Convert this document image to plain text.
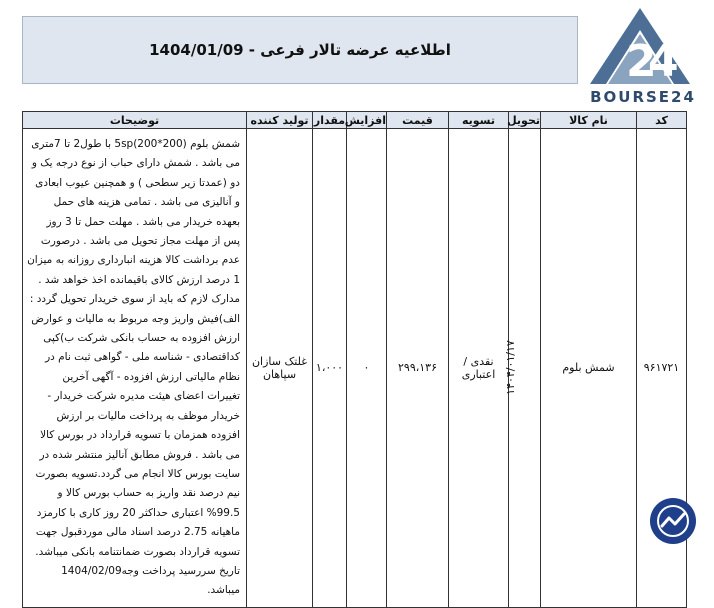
اطلاعیه عرضه تالار فرعی - 1404/01/09	2
4
BOURSE24
کد	نام کالا	تحویل	تسویه	قیمت	افزایش	مقدار	تولید کننده	توضیحات
۹۶۱۷۲۱	شمش بلوم	۱۴۰۴/۰۱/۱۷	نقدی / اعتباری	۲۹۹،۱۳۶	۰	۱،۰۰۰	غلتک سازان سپاهان	شمش بلوم 5sp(200*200) با طول2 تا 7متری می باشد . شمش دارای حباب از نوع درجه یک و دو (عمدتا زیر سطحی ) و همچنین عیوب ابعادی و آنالیزی می باشد . تمامی هزینه های حمل بعهده خریدار می باشد . مهلت حمل تا 3 روز پس از مهلت مجاز تحویل می باشد . درصورت عدم برداشت کالا هزینه انبارداری روزانه به میزان 1 درصد ارزش کالای باقیمانده اخذ خواهد شد . مدارک لازم که باید از سوی خریدار تحویل گردد : الف)فیش واریز وجه مربوط به مالیات و عوارض ارزش افزوده به حساب بانکی شرکت ب)کپی کداقتصادی - شناسه ملی - گواهی ثبت نام در نظام مالیاتی ارزش افزوده - آگهی آخرین تغییرات اعضای هیئت مدیره شرکت خریدار - خریدار موظف به پرداخت مالیات بر ارزش افزوده همزمان با تسویه قرارداد در بورس کالا می باشد . فروش مطابق آنالیز منتشر شده در سایت بورس کالا انجام می گردد.تسویه بصورت نیم درصد نقد واریز به حساب بورس کالا و 99.5% اعتباری حداکثر 20 روز کاری با کارمزد ماهیانه 2.75 درصد اسناد مالی موردقبول جهت تسویه قرارداد بصورت ضمانتنامه بانکی میباشد. تاریخ سررسید پرداخت وجه1404/02/09 میباشد.
